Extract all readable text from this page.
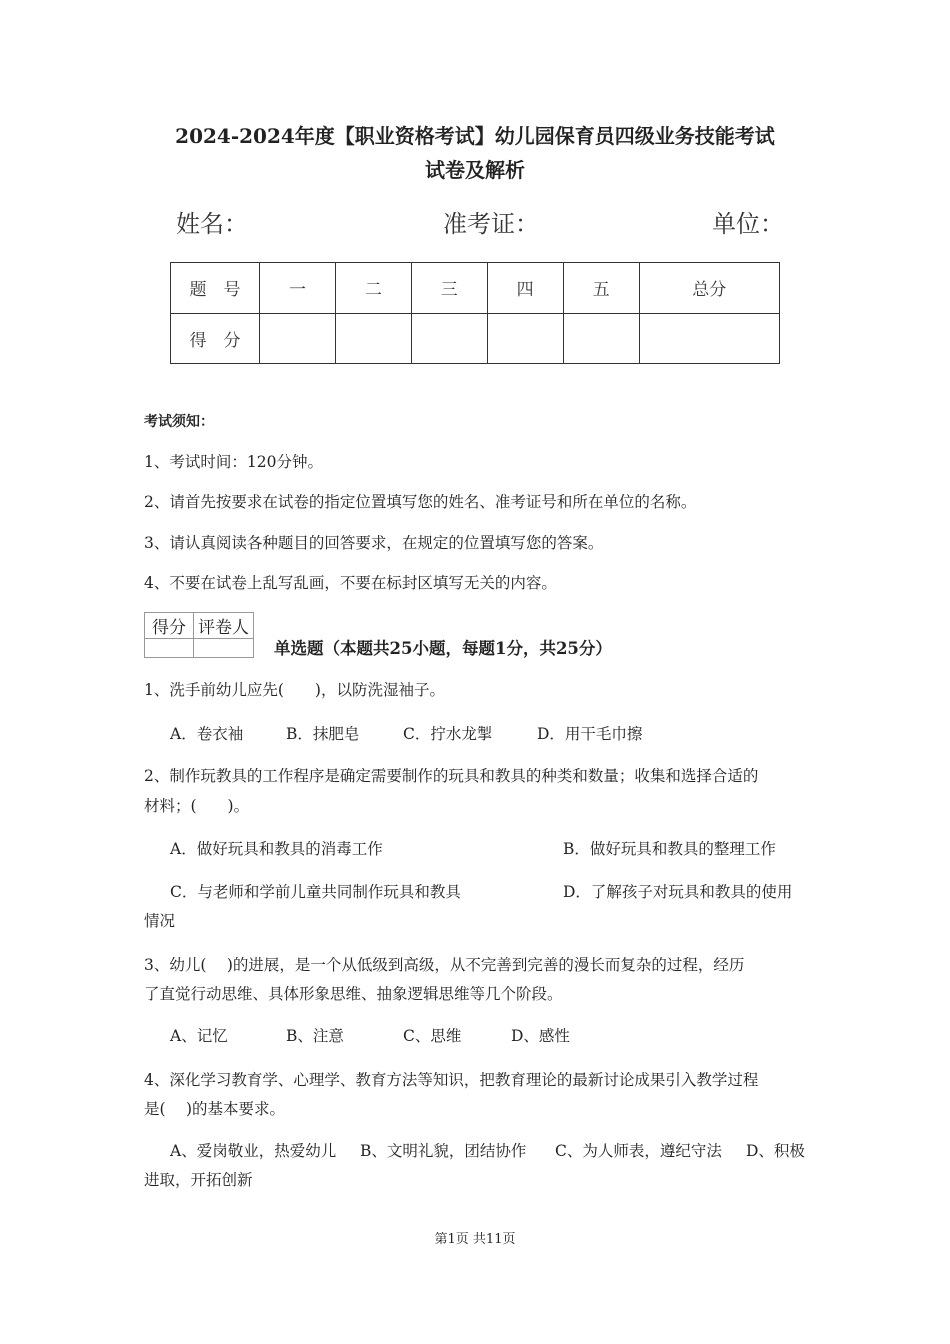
2024-2024年度【职业资格考试】幼儿园保育员四级业务技能考试
试卷及解析
姓名：	准考证：	单位：
题　号	一	二	三	四	五	总分
得　分						
考试须知：
1、考试时间：120分钟。
2、请首先按要求在试卷的指定位置填写您的姓名、准考证号和所在单位的名称。
3、请认真阅读各种题目的回答要求，在规定的位置填写您的答案。
4、不要在试卷上乱写乱画，不要在标封区填写无关的内容。
得分	评卷人

单选题（本题共25小题，每题1分，共25分）
1、洗手前幼儿应先(　　)，以防洗湿袖子。
A．卷衣袖	B．抹肥皂	C．拧水龙掣	D．用干毛巾擦
2、制作玩教具的工作程序是确定需要制作的玩具和教具的种类和数量；收集和选择合适的
材料；(　　)。
A．做好玩具和教具的消毒工作	B．做好玩具和教具的整理工作
C．与老师和学前儿童共同制作玩具和教具	D．了解孩子对玩具和教具的使用
情况
3、幼儿(　 )的进展，是一个从低级到高级，从不完善到完善的漫长而复杂的过程，经历
了直觉行动思维、具体形象思维、抽象逻辑思维等几个阶段。
A、记忆	B、注意	C、思维	D、感性
4、深化学习教育学、心理学、教育方法等知识，把教育理论的最新讨论成果引入教学过程
是(　 )的基本要求。
A、爱岗敬业，热爱幼儿 B、文明礼貌，团结协作 C、为人师表，遵纪守法 D、积极
进取，开拓创新
第1页 共11页
